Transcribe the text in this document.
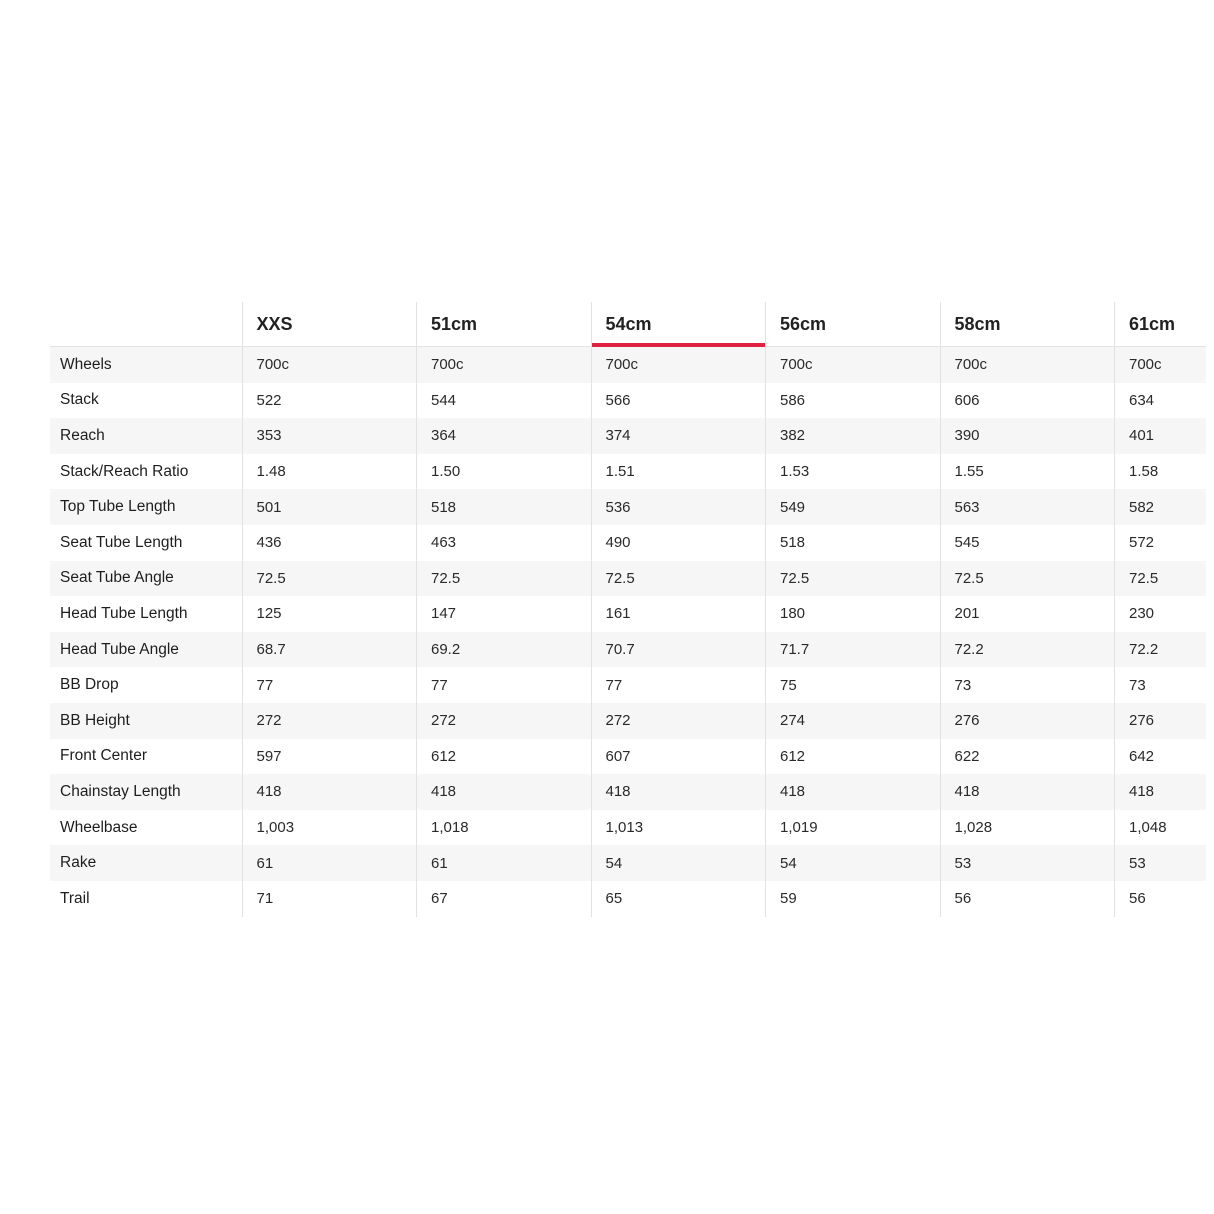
	XXS	51cm	54cm	56cm	58cm	61cm
Wheels	700c	700c	700c	700c	700c	700c
Stack	522	544	566	586	606	634
Reach	353	364	374	382	390	401
Stack/Reach Ratio	1.48	1.50	1.51	1.53	1.55	1.58
Top Tube Length	501	518	536	549	563	582
Seat Tube Length	436	463	490	518	545	572
Seat Tube Angle	72.5	72.5	72.5	72.5	72.5	72.5
Head Tube Length	125	147	161	180	201	230
Head Tube Angle	68.7	69.2	70.7	71.7	72.2	72.2
BB Drop	77	77	77	75	73	73
BB Height	272	272	272	274	276	276
Front Center	597	612	607	612	622	642
Chainstay Length	418	418	418	418	418	418
Wheelbase	1,003	1,018	1,013	1,019	1,028	1,048
Rake	61	61	54	54	53	53
Trail	71	67	65	59	56	56
